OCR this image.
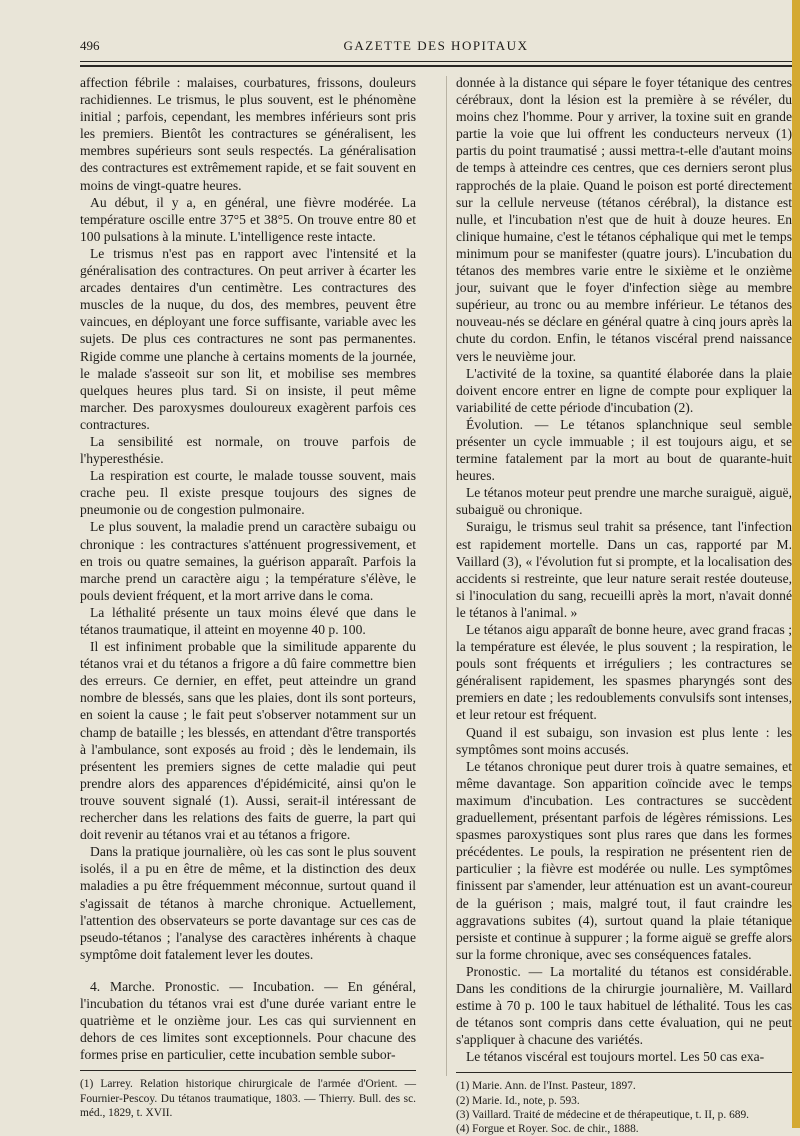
496	GAZETTE DES HOPITAUX

affection fébrile : malaises, courbatures, frissons, douleurs rachidiennes. Le trismus, le plus souvent, est le phénomène initial ; parfois, cependant, les membres inférieurs sont pris les premiers. Bientôt les contractures se généralisent, les membres supérieurs sont seuls respectés. La généralisation des contractures est extrêmement rapide, et se fait souvent en moins de vingt-quatre heures.

Au début, il y a, en général, une fièvre modérée. La température oscille entre 37°5 et 38°5. On trouve entre 80 et 100 pulsations à la minute. L'intelligence reste intacte.

Le trismus n'est pas en rapport avec l'intensité et la généralisation des contractures. On peut arriver à écarter les arcades dentaires d'un centimètre. Les contractures des muscles de la nuque, du dos, des membres, peuvent être vaincues, en déployant une force suffisante, variable avec les sujets. De plus ces contractures ne sont pas permanentes. Rigide comme une planche à certains moments de la journée, le malade s'asseoit sur son lit, et mobilise ses membres quelques heures plus tard. Si on insiste, il peut même marcher. Des paroxysmes douloureux exagèrent parfois ces contractures.

La sensibilité est normale, on trouve parfois de l'hyperesthésie.

La respiration est courte, le malade tousse souvent, mais crache peu. Il existe presque toujours des signes de pneumonie ou de congestion pulmonaire.

Le plus souvent, la maladie prend un caractère subaigu ou chronique : les contractures s'atténuent progressivement, et en trois ou quatre semaines, la guérison apparaît. Parfois la marche prend un caractère aigu ; la température s'élève, le pouls devient fréquent, et la mort arrive dans le coma.

La léthalité présente un taux moins élevé que dans le tétanos traumatique, il atteint en moyenne 40 p. 100.

Il est infiniment probable que la similitude apparente du tétanos vrai et du tétanos a frigore a dû faire commettre bien des erreurs. Ce dernier, en effet, peut atteindre un grand nombre de blessés, sans que les plaies, dont ils sont porteurs, en soient la cause ; le fait peut s'observer notamment sur un champ de bataille ; les blessés, en attendant d'être transportés à l'ambulance, sont exposés au froid ; dès le lendemain, ils présentent les premiers signes de cette maladie qui peut prendre alors des apparences d'épidémicité, ainsi qu'on le trouve souvent signalé (1). Aussi, serait-il intéressant de rechercher dans les relations des faits de guerre, la part qui doit revenir au tétanos vrai et au tétanos a frigore.

Dans la pratique journalière, où les cas sont le plus souvent isolés, il a pu en être de même, et la distinction des deux maladies a pu être fréquemment méconnue, surtout quand il s'agissait de tétanos à marche chronique. Actuellement, l'attention des observateurs se porte davantage sur ces cas de pseudo-tétanos ; l'analyse des caractères inhérents à chaque symptôme doit fatalement lever les doutes.

4. Marche. Pronostic. — Incubation. — En général, l'incubation du tétanos vrai est d'une durée variant entre le quatrième et le onzième jour. Les cas qui surviennent en dehors de ces limites sont exceptionnels. Pour chacune des formes prise en particulier, cette incubation semble subor-

(1) Larrey. Relation historique chirurgicale de l'armée d'Orient. — Fournier-Pescoy. Du tétanos traumatique, 1803. — Thierry. Bull. des sc. méd., 1829, t. XVII.

donnée à la distance qui sépare le foyer tétanique des centres cérébraux, dont la lésion est la première à se révéler, du moins chez l'homme. Pour y arriver, la toxine suit en grande partie la voie que lui offrent les conducteurs nerveux (1) partis du point traumatisé ; aussi mettra-t-elle d'autant moins de temps à atteindre ces centres, que ces derniers seront plus rapprochés de la plaie. Quand le poison est porté directement sur la cellule nerveuse (tétanos cérébral), la distance est nulle, et l'incubation n'est que de huit à douze heures. En clinique humaine, c'est le tétanos céphalique qui met le temps minimum pour se manifester (quatre jours). L'incubation du tétanos des membres varie entre le sixième et le onzième jour, suivant que le foyer d'infection siège au membre supérieur, au tronc ou au membre inférieur. Le tétanos des nouveau-nés se déclare en général quatre à cinq jours après la chute du cordon. Enfin, le tétanos viscéral prend naissance vers le neuvième jour.

L'activité de la toxine, sa quantité élaborée dans la plaie doivent encore entrer en ligne de compte pour expliquer la variabilité de cette période d'incubation (2).

Évolution. — Le tétanos splanchnique seul semble présenter un cycle immuable ; il est toujours aigu, et se termine fatalement par la mort au bout de quarante-huit heures.

Le tétanos moteur peut prendre une marche suraiguë, aiguë, subaiguë ou chronique.

Suraigu, le trismus seul trahit sa présence, tant l'infection est rapidement mortelle. Dans un cas, rapporté par M. Vaillard (3), « l'évolution fut si prompte, et la localisation des accidents si restreinte, que leur nature serait restée douteuse, si l'inoculation du sang, recueilli après la mort, n'avait donné le tétanos à l'animal. »

Le tétanos aigu apparaît de bonne heure, avec grand fracas ; la température est élevée, le plus souvent ; la respiration, le pouls sont fréquents et irréguliers ; les contractures se généralisent rapidement, les spasmes pharyngés sont des premiers en date ; les redoublements convulsifs sont intenses, et leur retour est fréquent.

Quand il est subaigu, son invasion est plus lente : les symptômes sont moins accusés.

Le tétanos chronique peut durer trois à quatre semaines, et même davantage. Son apparition coïncide avec le temps maximum d'incubation. Les contractures se succèdent graduellement, présentant parfois de légères rémissions. Les spasmes paroxystiques sont plus rares que dans les formes précédentes. Le pouls, la respiration ne présentent rien de particulier ; la fièvre est modérée ou nulle. Les symptômes finissent par s'amender, leur atténuation est un avant-coureur de la guérison ; mais, malgré tout, il faut craindre les aggravations subites (4), surtout quand la plaie tétanique persiste et continue à suppurer ; la forme aiguë se greffe alors sur la forme chronique, avec ses conséquences fatales.

Pronostic. — La mortalité du tétanos est considérable. Dans les conditions de la chirurgie journalière, M. Vaillard estime à 70 p. 100 le taux habituel de léthalité. Tous les cas de tétanos sont compris dans cette évaluation, qui ne peut s'appliquer à chacune des variétés.

Le tétanos viscéral est toujours mortel. Les 50 cas exa-

(1) Marie. Ann. de l'Inst. Pasteur, 1897.

(2) Marie. Id., note, p. 593.

(3) Vaillard. Traité de médecine et de thérapeutique, t. II, p. 689.

(4) Forgue et Royer. Soc. de chir., 1888.
